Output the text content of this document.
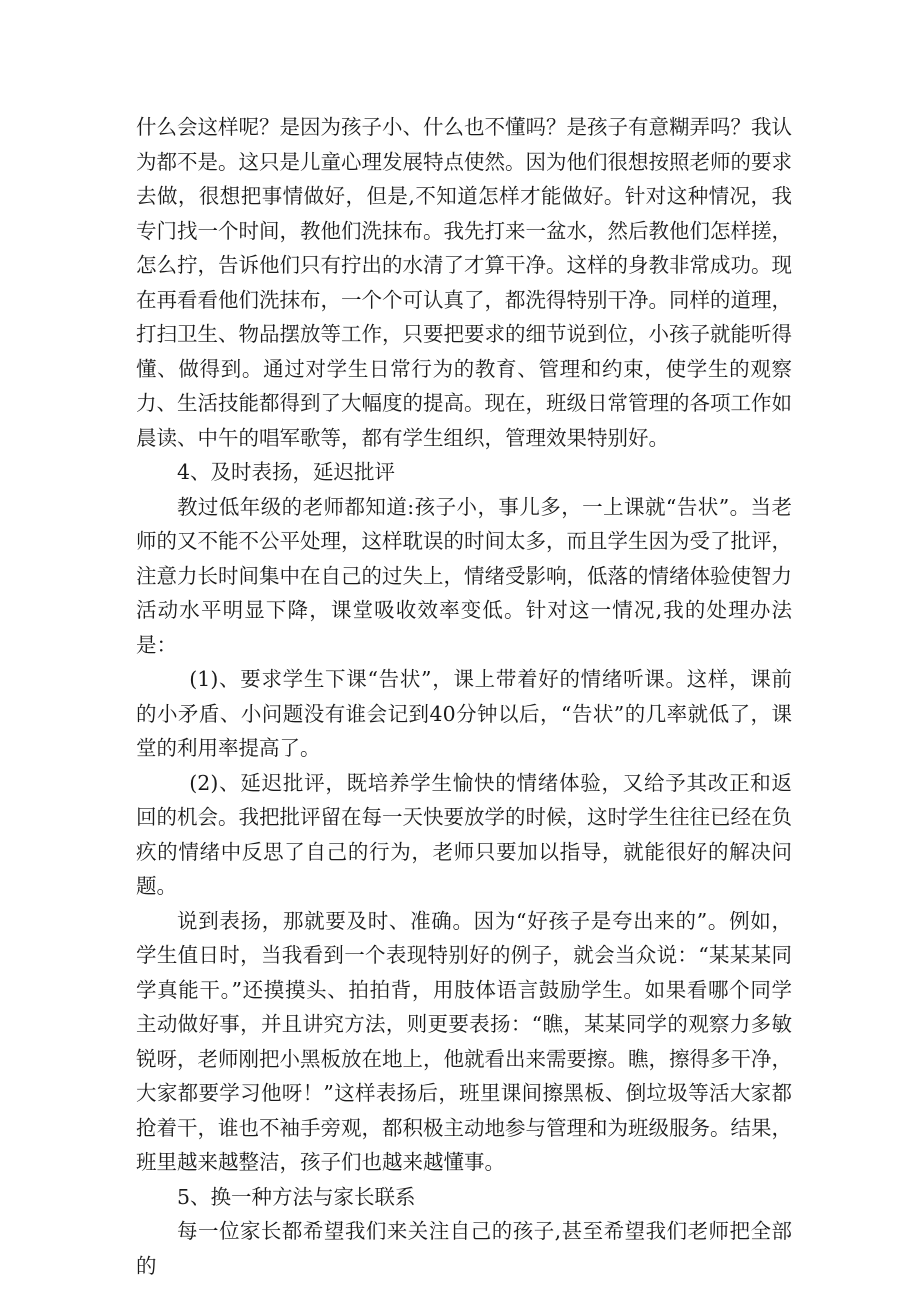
什么会这样呢？是因为孩子小、什么也不懂吗？是孩子有意糊弄吗？我认为都不是。这只是儿童心理发展特点使然。因为他们很想按照老师的要求去做，很想把事情做好，但是,不知道怎样才能做好。针对这种情况，我专门找一个时间，教他们洗抹布。我先打来一盆水，然后教他们怎样搓，怎么拧，告诉他们只有拧出的水清了才算干净。这样的身教非常成功。现在再看看他们洗抹布，一个个可认真了，都洗得特别干净。同样的道理，打扫卫生、物品摆放等工作，只要把要求的细节说到位，小孩子就能听得懂、做得到。通过对学生日常行为的教育、管理和约束，使学生的观察力、生活技能都得到了大幅度的提高。现在，班级日常管理的各项工作如晨读、中午的唱军歌等，都有学生组织，管理效果特别好。

4、及时表扬，延迟批评

教过低年级的老师都知道:孩子小，事儿多，一上课就“告状”。当老师的又不能不公平处理，这样耽误的时间太多，而且学生因为受了批评，注意力长时间集中在自己的过失上，情绪受影响，低落的情绪体验使智力活动水平明显下降，课堂吸收效率变低。针对这一情况,我的处理办法是：

(1)、要求学生下课“告状”，课上带着好的情绪听课。这样，课前的小矛盾、小问题没有谁会记到40分钟以后，“告状”的几率就低了，课堂的利用率提高了。

(2)、延迟批评，既培养学生愉快的情绪体验，又给予其改正和返回的机会。我把批评留在每一天快要放学的时候，这时学生往往已经在负疚的情绪中反思了自己的行为，老师只要加以指导，就能很好的解决问题。

说到表扬，那就要及时、准确。因为“好孩子是夸出来的”。例如，学生值日时，当我看到一个表现特别好的例子，就会当众说：“某某某同学真能干。”还摸摸头、拍拍背，用肢体语言鼓励学生。如果看哪个同学主动做好事，并且讲究方法，则更要表扬：“瞧，某某同学的观察力多敏锐呀，老师刚把小黑板放在地上，他就看出来需要擦。瞧，擦得多干净，大家都要学习他呀！”这样表扬后，班里课间擦黑板、倒垃圾等活大家都抢着干，谁也不袖手旁观，都积极主动地参与管理和为班级服务。结果，班里越来越整洁，孩子们也越来越懂事。

5、换一种方法与家长联系

每一位家长都希望我们来关注自己的孩子,甚至希望我们老师把全部的
